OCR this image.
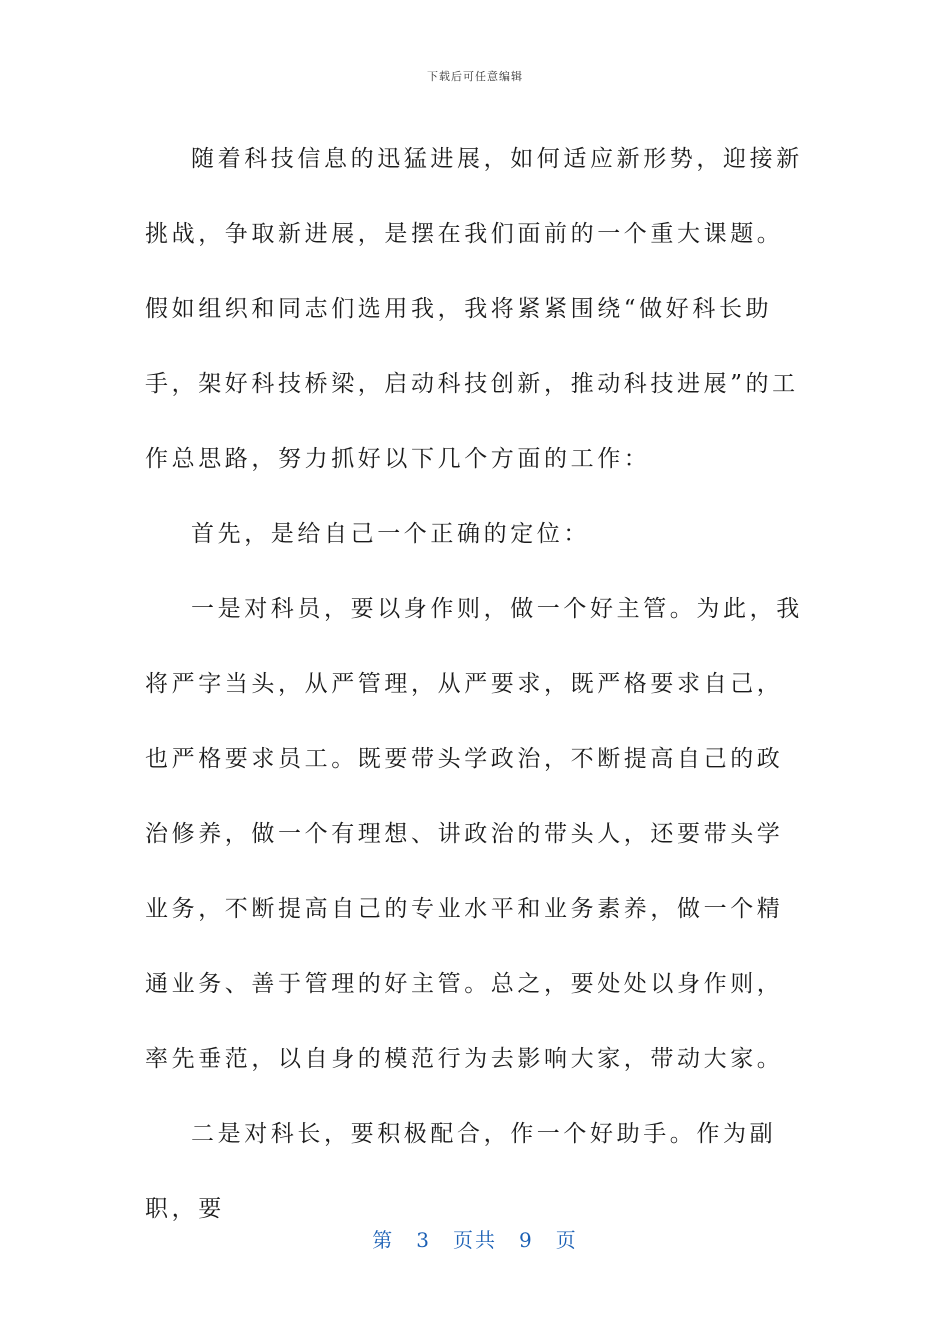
下载后可任意编辑

随着科技信息的迅猛进展，如何适应新形势，迎接新挑战，争取新进展，是摆在我们面前的一个重大课题。假如组织和同志们选用我，我将紧紧围绕“做好科长助手，架好科技桥梁，启动科技创新，推动科技进展”的工作总思路，努力抓好以下几个方面的工作：

首先，是给自己一个正确的定位：

一是对科员，要以身作则，做一个好主管。为此，我将严字当头，从严管理，从严要求，既严格要求自己，也严格要求员工。既要带头学政治，不断提高自己的政治修养，做一个有理想、讲政治的带头人，还要带头学业务，不断提高自己的专业水平和业务素养，做一个精通业务、善于管理的好主管。总之，要处处以身作则，率先垂范，以自身的模范行为去影响大家，带动大家。

二是对科长，要积极配合，作一个好助手。作为副职，要

第 3 页共 9 页
